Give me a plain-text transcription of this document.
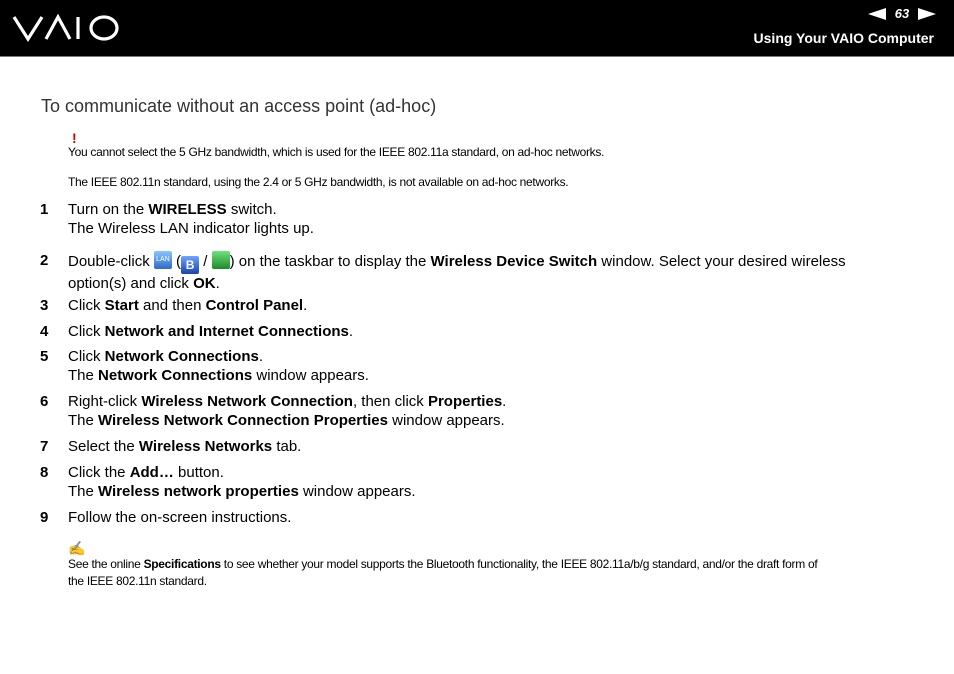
63
Using Your VAIO Computer
To communicate without an access point (ad-hoc)
!
You cannot select the 5 GHz bandwidth, which is used for the IEEE 802.11a standard, on ad-hoc networks.
The IEEE 802.11n standard, using the 2.4 or 5 GHz bandwidth, is not available on ad-hoc networks.
1 Turn on the WIRELESS switch.
The Wireless LAN indicator lights up.
2 Double-click LAN ( B / ) on the taskbar to display the Wireless Device Switch window. Select your desired wireless
option(s) and click OK.
3 Click Start and then Control Panel.
4 Click Network and Internet Connections.
5 Click Network Connections.
The Network Connections window appears.
6 Right-click Wireless Network Connection, then click Properties.
The Wireless Network Connection Properties window appears.
7 Select the Wireless Networks tab.
8 Click the Add… button.
The Wireless network properties window appears.
9 Follow the on-screen instructions.
✍
See the online Specifications to see whether your model supports the Bluetooth functionality, the IEEE 802.11a/b/g standard, and/or the draft form of
the IEEE 802.11n standard.
